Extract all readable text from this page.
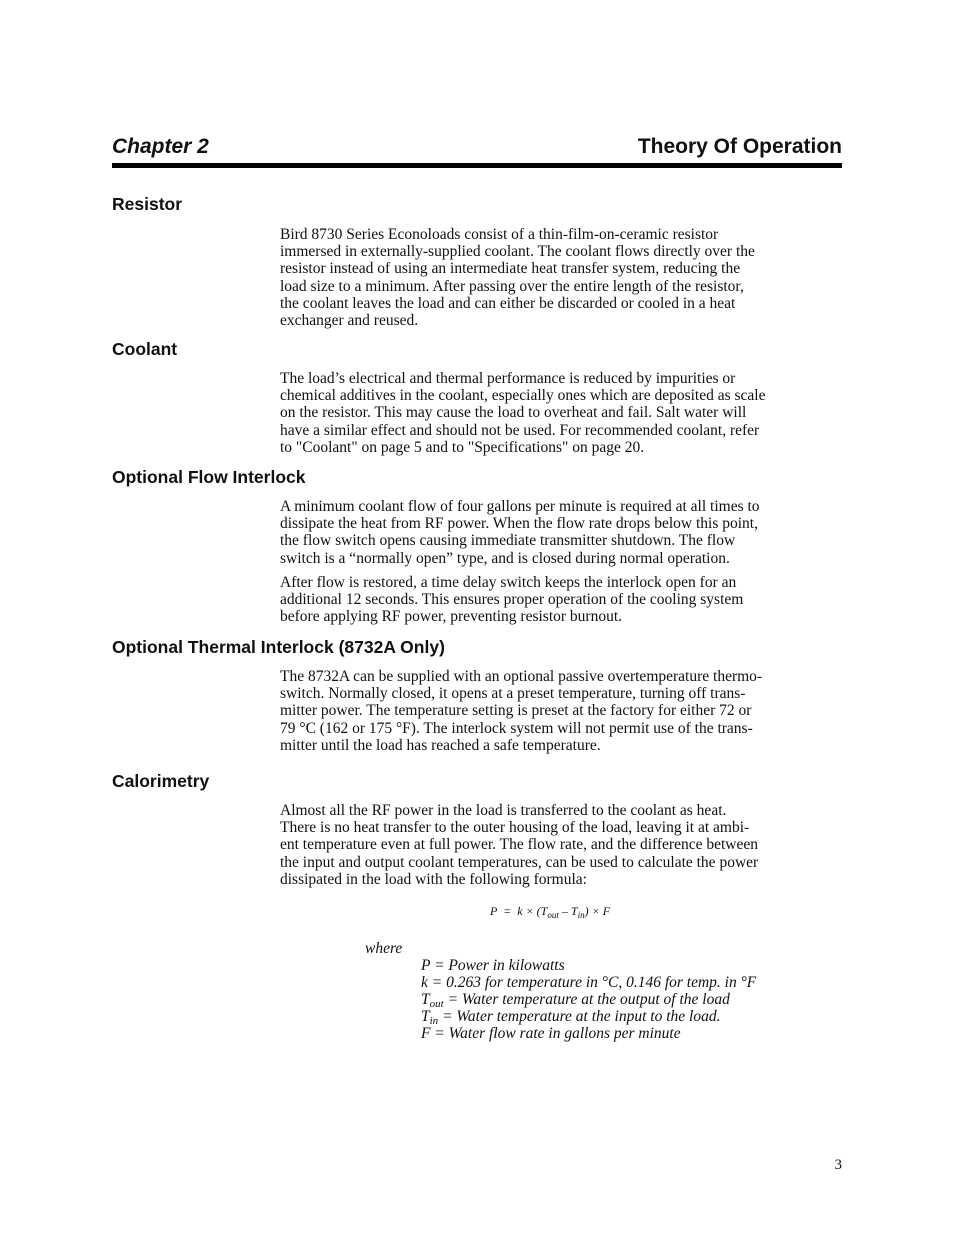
Chapter 2	Theory Of Operation
Resistor
Bird 8730 Series Econoloads consist of a thin-film-on-ceramic resistor
immersed in externally-supplied coolant. The coolant flows directly over the
resistor instead of using an intermediate heat transfer system, reducing the
load size to a minimum. After passing over the entire length of the resistor,
the coolant leaves the load and can either be discarded or cooled in a heat
exchanger and reused.
Coolant
The load’s electrical and thermal performance is reduced by impurities or
chemical additives in the coolant, especially ones which are deposited as scale
on the resistor. This may cause the load to overheat and fail. Salt water will
have a similar effect and should not be used. For recommended coolant, refer
to "Coolant" on page 5 and to "Specifications" on page 20.
Optional Flow Interlock
A minimum coolant flow of four gallons per minute is required at all times to
dissipate the heat from RF power. When the flow rate drops below this point,
the flow switch opens causing immediate transmitter shutdown. The flow
switch is a “normally open” type, and is closed during normal operation.
After flow is restored, a time delay switch keeps the interlock open for an
additional 12 seconds. This ensures proper operation of the cooling system
before applying RF power, preventing resistor burnout.
Optional Thermal Interlock (8732A Only)
The 8732A can be supplied with an optional passive overtemperature thermo-
switch. Normally closed, it opens at a preset temperature, turning off trans-
mitter power. The temperature setting is preset at the factory for either 72 or
79 °C (162 or 175 °F). The interlock system will not permit use of the trans-
mitter until the load has reached a safe temperature.
Calorimetry
Almost all the RF power in the load is transferred to the coolant as heat.
There is no heat transfer to the outer housing of the load, leaving it at ambi-
ent temperature even at full power. The flow rate, and the difference between
the input and output coolant temperatures, can be used to calculate the power
dissipated in the load with the following formula:
$P = k \times (T_{out} - T_{in}) \times F$
where
P = Power in kilowatts
k = 0.263 for temperature in °C, 0.146 for temp. in °F
$T_{out}$ = Water temperature at the output of the load
$T_{in}$ = Water temperature at the input to the load.
F = Water flow rate in gallons per minute
3
